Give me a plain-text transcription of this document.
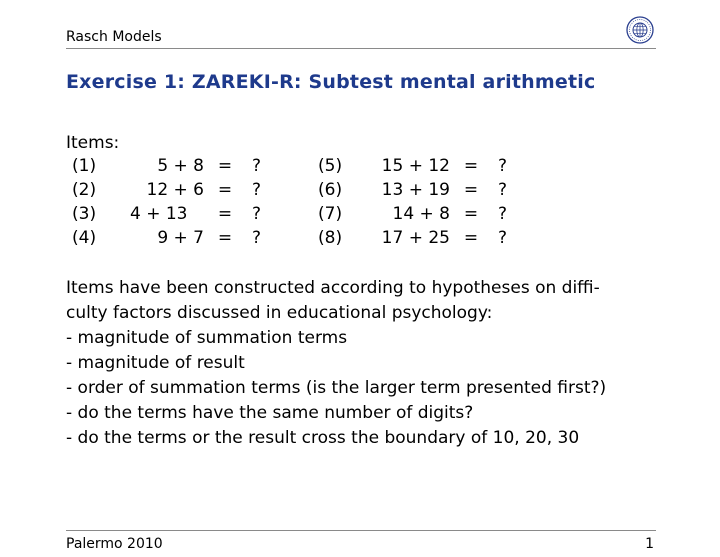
Rasch Models
Exercise 1: ZAREKI-R: Subtest mental arithmetic
Items:
(1)	5 + 8 =	?
(2)	12 + 6 =	?
(3)	4 + 13	=	?
(4)	9 + 7 =	?
(5)	15 + 12 =	?
(6)	13 + 19 =	?
(7)	14 + 8 =	?
(8)	17 + 25 =	?
Items have been constructed according to hypotheses on diffi-
culty factors discussed in educational psychology:
- magnitude of summation terms
- magnitude of result
- order of summation terms (is the larger term presented first?)
- do the terms have the same number of digits?
- do the terms or the result cross the boundary of 10, 20, 30
Palermo 2010	1
